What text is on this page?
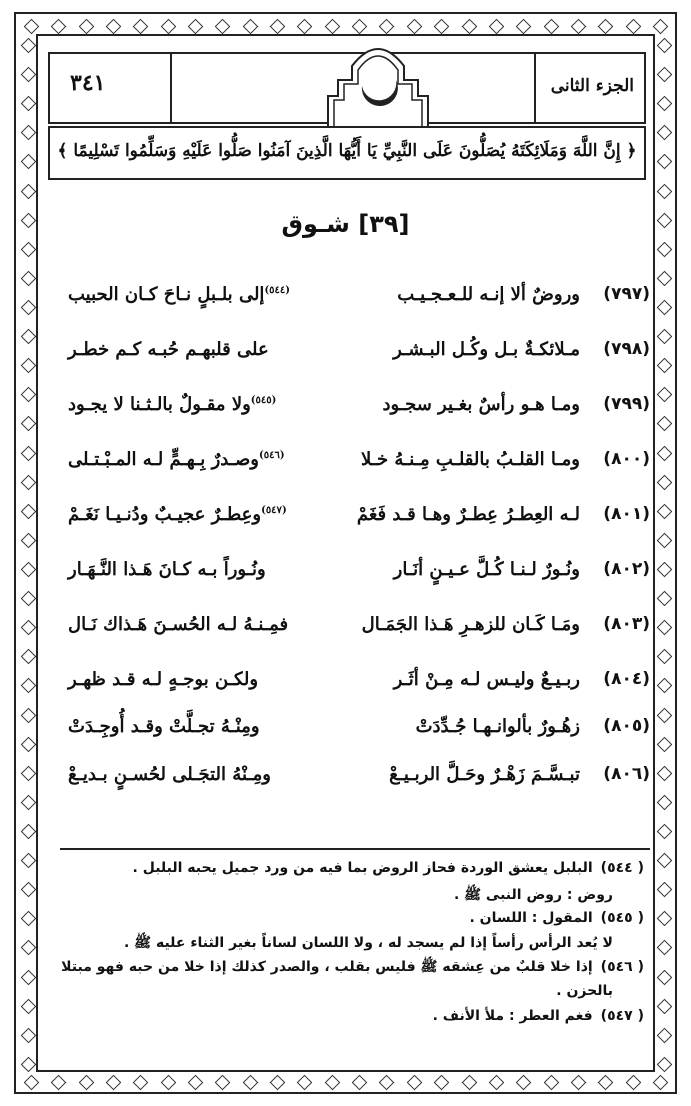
الجزء الثانى
٣٤١
﴿ إِنَّ اللَّهَ وَمَلَائِكَتَهُ يُصَلُّونَ عَلَى النَّبِيِّ يَا أَيُّهَا الَّذِينَ آمَنُوا صَلُّوا عَلَيْهِ وَسَلِّمُوا تَسْلِيمًا ﴾
[٣٩] شـوق
(٧٩٧)
وروضٌ ألا إنـه للـعـجـيـب
$^{(٥٤٤)}$إلى بلـبلٍ نـاحَ كـان الحبيب
(٧٩٨)
مـلائكـةٌ بـل وكُـل البـشـر
على قلبهـم حُبـه كـم خطـر
(٧٩٩)
ومـا هـو رأسٌ بغـير سجـود
$^{(٥٤٥)}$ولا مقـولٌ بالـثـنا لا يجـود
(٨٠٠)
ومـا القلـبُ بالقلـبِ مِـنـهُ خـلا
$^{(٥٤٦)}$وصـدرٌ بِـهـمٍّ لـه المـبْـتـلى
(٨٠١)
لـه العِطـرُ عِطـرٌ وهـا قـد فَغَمْ
$^{(٥٤٧)}$وعِطـرٌ عجيـبٌ ودُنـيـا نَغَـمْ
(٨٠٢)
ونُـورٌ لـنـا كُـلَّ عـيـنٍ أنَـار
ونُـوراً بـه كـانَ هَـذا النَّـهَـار
(٨٠٣)
ومَـا كَـان للزهـرِ هَـذا الجَمَـال
فمِـنـهُ لـه الحُسـنَ هَـذاك نَـال
(٨٠٤)
ربـيـعٌ وليـس لـه مِـنْ أثَـر
ولكـن بوجـهٍ لـه قـد ظهـر
(٨٠٥)
زهُـورٌ بألوانـهـا جُـدِّدَتْ
ومِنْـهُ تجـلَّتْ وقـد أُوجِـدَتْ
(٨٠٦)
تبـسَّـمَ زَهْـرٌ وحَـلَّ الربـيـعْ
ومِـنْهُ التجَـلى لحُسـنٍ بـديـعْ
( ٥٤٤)البلبل يعشق الوردة فحاز الروض بما فيه من ورد جميل يحبه البلبل .
روض : روض النبى ﷺ .
( ٥٤٥)المقول : اللسان .
لا يُعد الرأس رأساً إذا لم يسجد له ، ولا اللسان لساناً بغير الثناء عليه ﷺ .
( ٥٤٦)إذا خلا قلبٌ من عِشقه ﷺ فليس بقلب ، والصدر كذلك إذا خلا من حبه فهو مبتلا
بالحزن .
( ٥٤٧)فغم العطر : ملأ الأنف .
